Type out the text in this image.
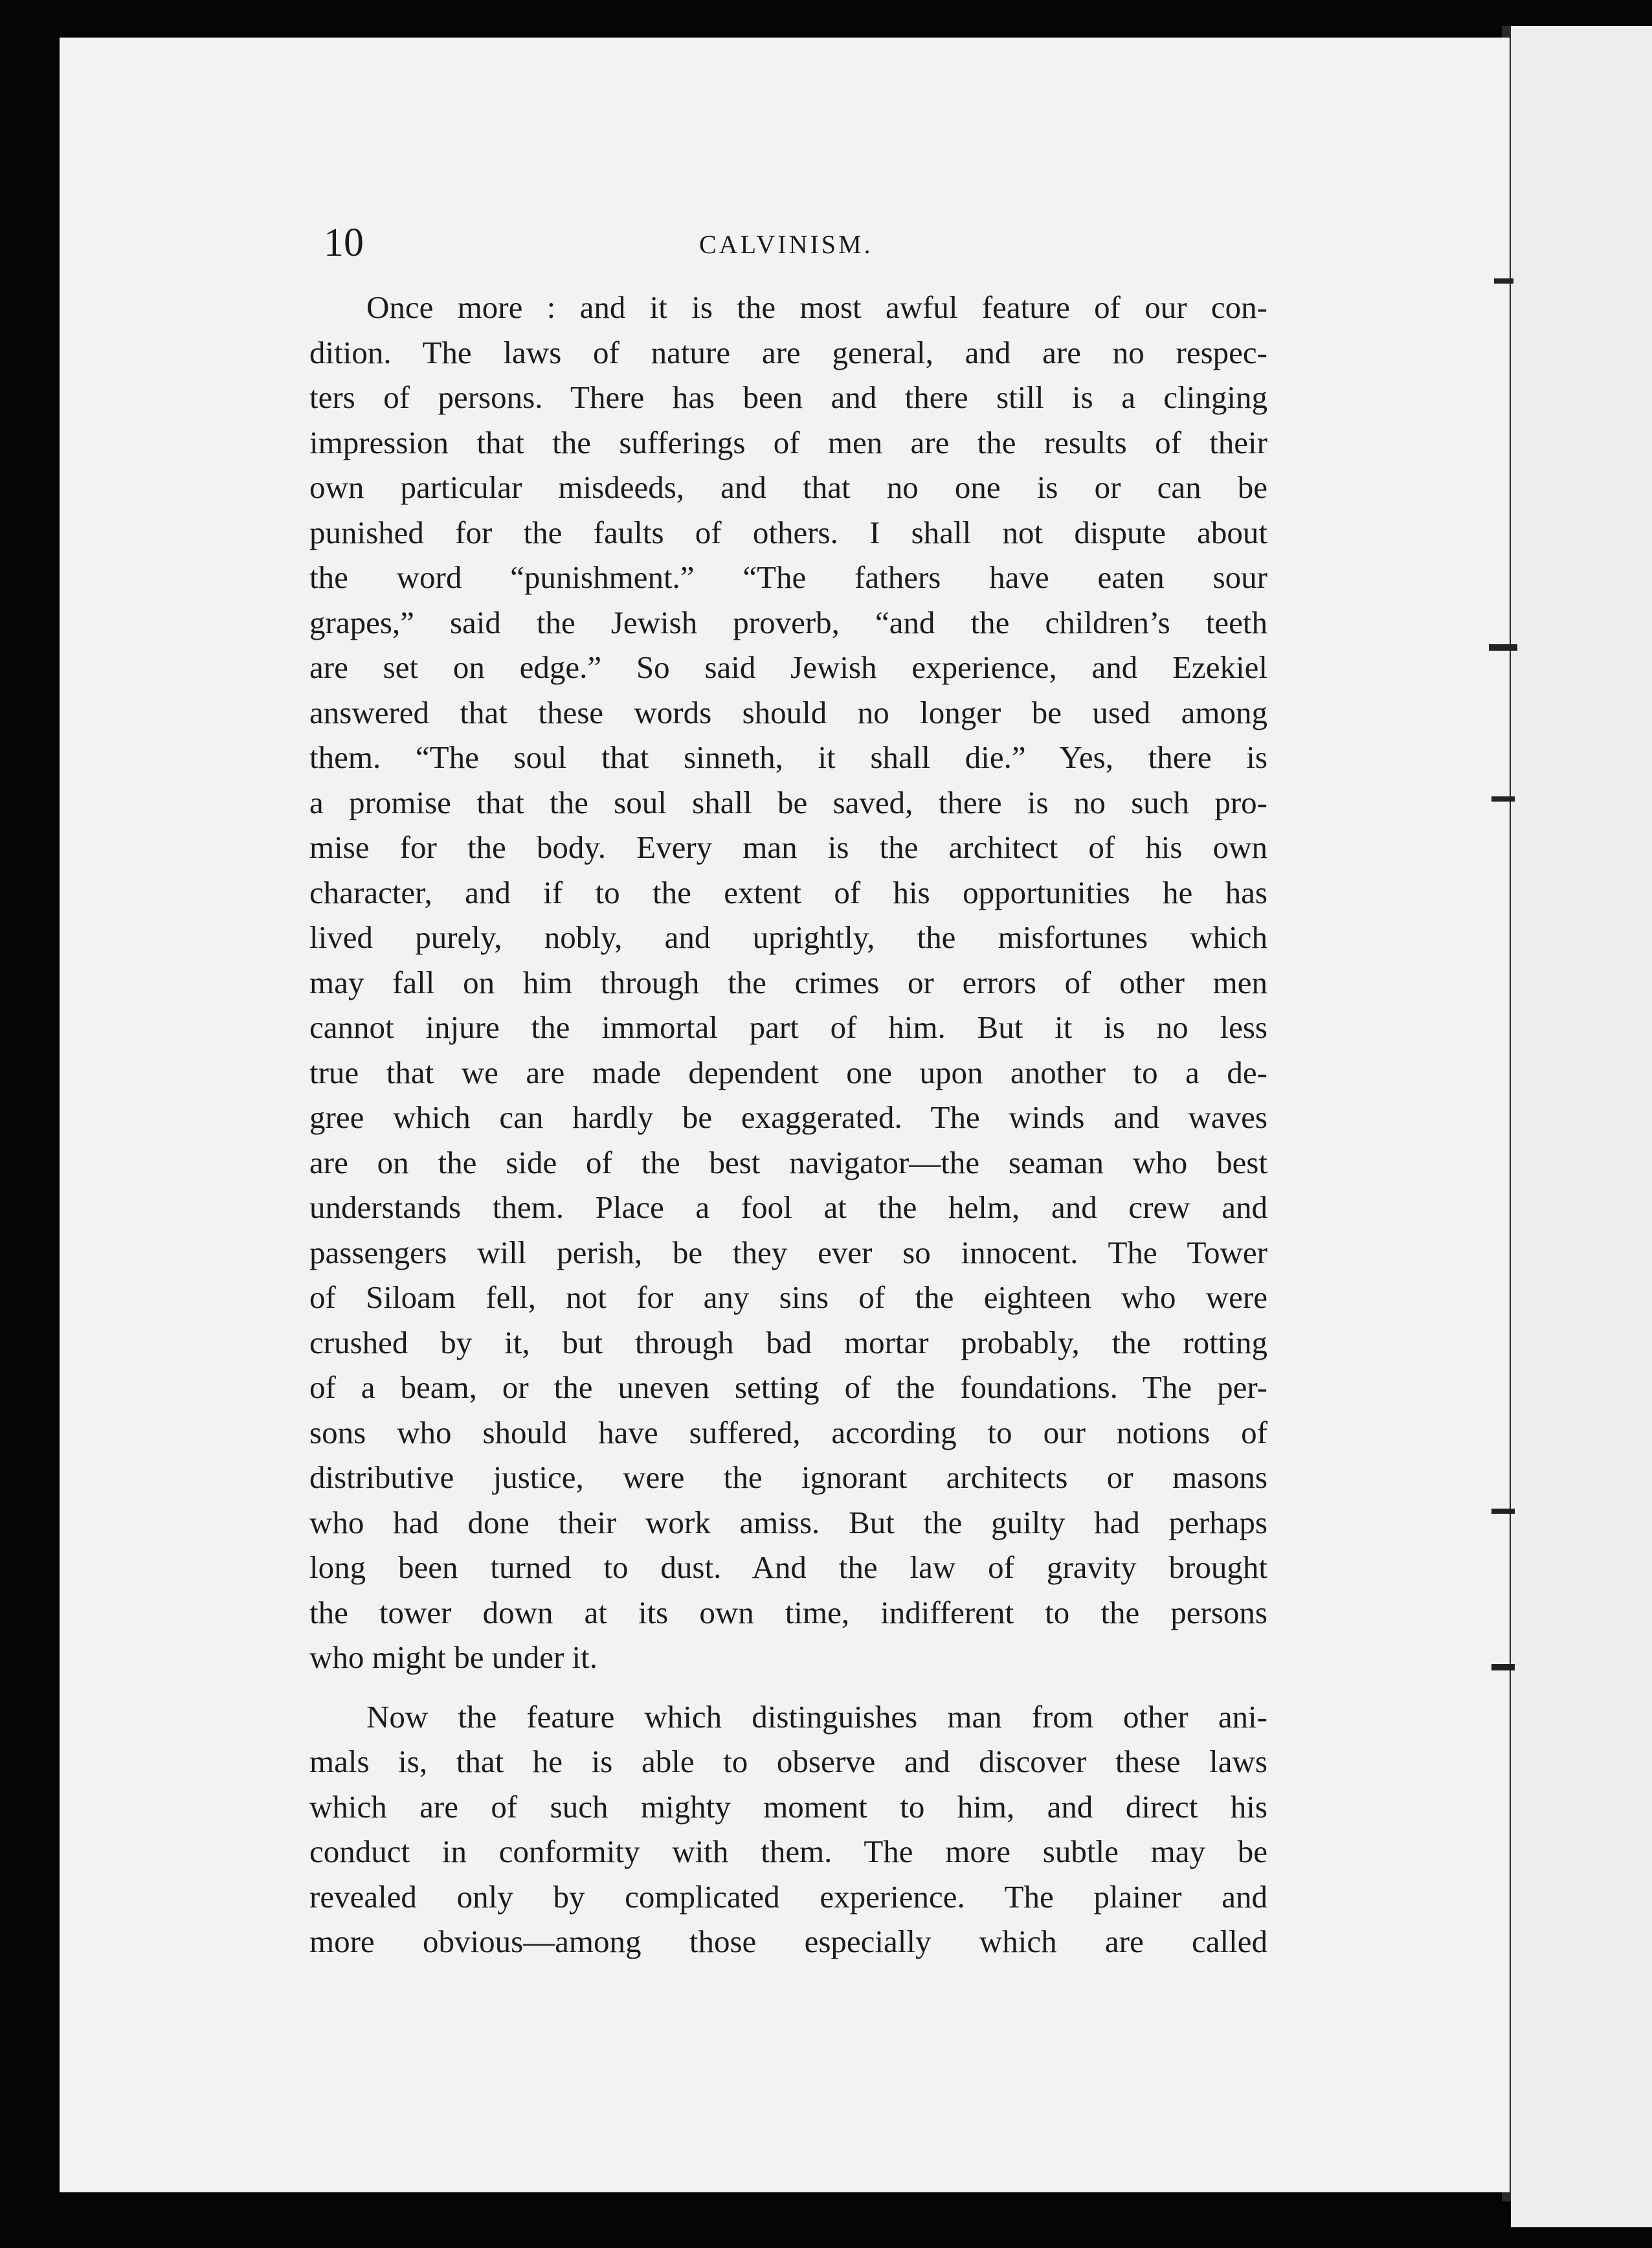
10	CALVINISM.

Once more : and it is the most awful feature of our con-
dition. The laws of nature are general, and are no respec-
ters of persons. There has been and there still is a clinging
impression that the sufferings of men are the results of their
own particular misdeeds, and that no one is or can be
punished for the faults of others. I shall not dispute about
the word “punishment.” “The fathers have eaten sour
grapes,” said the Jewish proverb, “and the children’s teeth
are set on edge.” So said Jewish experience, and Ezekiel
answered that these words should no longer be used among
them. “The soul that sinneth, it shall die.” Yes, there is
a promise that the soul shall be saved, there is no such pro-
mise for the body. Every man is the architect of his own
character, and if to the extent of his opportunities he has
lived purely, nobly, and uprightly, the misfortunes which
may fall on him through the crimes or errors of other men
cannot injure the immortal part of him. But it is no less
true that we are made dependent one upon another to a de-
gree which can hardly be exaggerated. The winds and waves
are on the side of the best navigator—the seaman who best
understands them. Place a fool at the helm, and crew and
passengers will perish, be they ever so innocent. The Tower
of Siloam fell, not for any sins of the eighteen who were
crushed by it, but through bad mortar probably, the rotting
of a beam, or the uneven setting of the foundations. The per-
sons who should have suffered, according to our notions of
distributive justice, were the ignorant architects or masons
who had done their work amiss. But the guilty had perhaps
long been turned to dust. And the law of gravity brought
the tower down at its own time, indifferent to the persons
who might be under it.

Now the feature which distinguishes man from other ani-
mals is, that he is able to observe and discover these laws
which are of such mighty moment to him, and direct his
conduct in conformity with them. The more subtle may be
revealed only by complicated experience. The plainer and
more obvious—among those especially which are called
